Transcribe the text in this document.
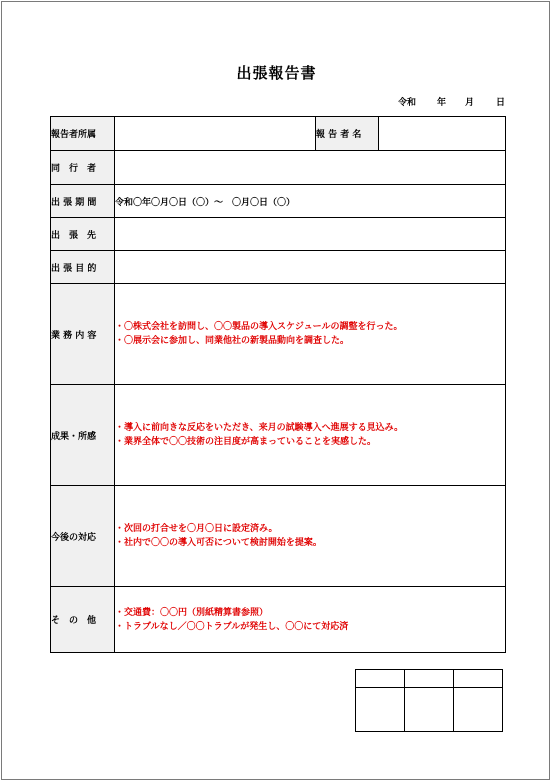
出張報告書
令和 年 月 日
報告者所属		報 告 者 名	
同　行　者			
出 張 期 間	令和〇年〇月〇日（〇）～　〇月〇日（〇）		
出　張　先			
出 張 目 的			
業 務 内 容	・〇株式会社を訪問し、〇〇製品の導入スケジュールの調整を行った。
・〇展示会に参加し、同業他社の新製品動向を調査した。		

成果・所感	・導入に前向きな反応をいただき、来月の試験導入へ進展する見込み。
・業界全体で〇〇技術の注目度が高まっていることを実感した。		

今後の対応	・次回の打合せを〇月〇日に設定済み。
・社内で〇〇の導入可否について検討開始を提案。		

そ　の　他	・交通費：〇〇円（別紙精算書参照）
・トラブルなし／〇〇トラブルが発生し、〇〇にて対応済		
